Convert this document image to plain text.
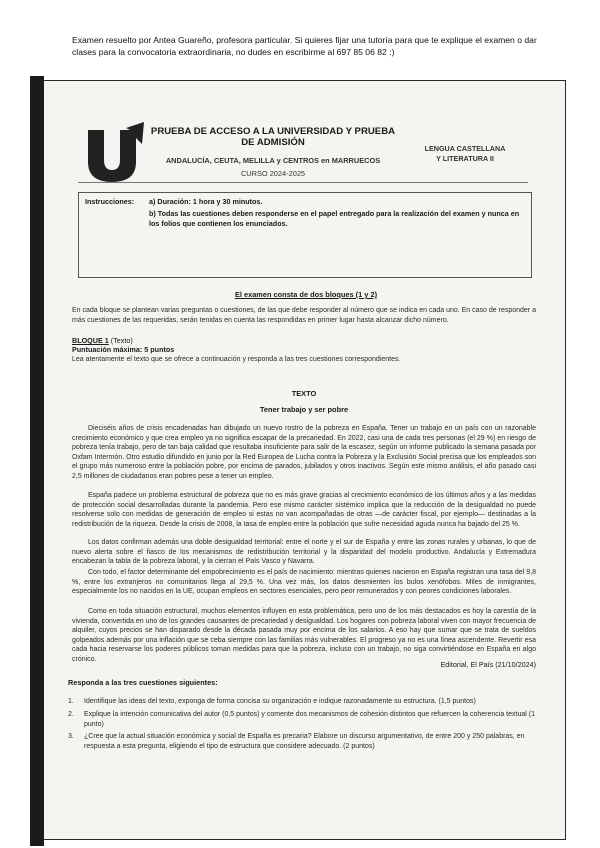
Examen resuelto por Antea Guareño, profesora particular. Si quieres fijar una tutoría para que te explique el examen o dar clases para la convocatoria extraordinaria, no dudes en escribirme al 697 85 06 82 :)
PRUEBA DE ACCESO A LA UNIVERSIDAD Y PRUEBA DE ADMISIÓN
ANDALUCÍA, CEUTA, MELILLA y CENTROS en MARRUECOS
CURSO 2024-2025
LENGUA CASTELLANA
Y LITERATURA II
Instrucciones: a) Duración: 1 hora y 30 minutos.
b) Todas las cuestiones deben responderse en el papel entregado para la realización del examen y nunca en los folios que contienen los enunciados.
El examen consta de dos bloques (1 y 2)
En cada bloque se plantean varias preguntas o cuestiones, de las que debe responder al número que se indica en cada uno. En caso de responder a más cuestiones de las requeridas, serán tenidas en cuenta las respondidas en primer lugar hasta alcanzar dicho número.
BLOQUE 1 (Texto)
Puntuación máxima: 5 puntos
Lea atentamente el texto que se ofrece a continuación y responda a las tres cuestiones correspondientes.
TEXTO
Tener trabajo y ser pobre
Dieciséis años de crisis encadenadas han dibujado un nuevo rostro de la pobreza en España. Tener un trabajo en un país con un razonable crecimiento económico y que crea empleo ya no significa escapar de la precariedad. En 2022, casi una de cada tres personas (el 29 %) en riesgo de pobreza tenía trabajo, pero de tan baja calidad que resultaba insuficiente para salir de la escasez, según un informe publicado la semana pasada por Oxfam Intermón. Otro estudio difundido en junio por la Red Europea de Lucha contra la Pobreza y la Exclusión Social precisa que los empleados son el grupo más numeroso entre la población pobre, por encima de parados, jubilados y otros inactivos. Según este mismo análisis, el año pasado casi 2,5 millones de ciudadanos eran pobres pese a tener un empleo.
España padece un problema estructural de pobreza que no es más grave gracias al crecimiento económico de los últimos años y a las medidas de protección social desarrolladas durante la pandemia. Pero ese mismo carácter sistémico implica que la reducción de la desigualdad no puede resolverse solo con medidas de generación de empleo si estas no van acompañadas de otras —de carácter fiscal, por ejemplo— destinadas a la redistribución de la riqueza. Desde la crisis de 2008, la tasa de empleo entre la población que sufre necesidad aguda nunca ha bajado del 25 %.
Los datos confirman además una doble desigualdad territorial: entre el norte y el sur de España y entre las zonas rurales y urbanas, lo que de nuevo alerta sobre el fiasco de los mecanismos de redistribución territorial y la disparidad del modelo productivo. Andalucía y Extremadura encabezan la tabla de la pobreza laboral, y la cierran el País Vasco y Navarra.
Con todo, el factor determinante del empobrecimiento es el país de nacimiento: mientras quienes nacieron en España registran una tasa del 9,8 %, entre los extranjeros no comunitarios llega al 29,5 %. Una vez más, los datos desmienten los bulos xenófobos. Miles de inmigrantes, especialmente los no nacidos en la UE, ocupan empleos en sectores esenciales, pero peor remunerados y con peores condiciones laborales.
Como en toda situación estructural, muchos elementos influyen en esta problemática, pero uno de los más destacados es hoy la carestía de la vivienda, convertida en uno de los grandes causantes de precariedad y desigualdad. Los hogares con pobreza laboral viven con mayor frecuencia de alquiler, cuyos precios se han disparado desde la década pasada muy por encima de los salarios. A eso hay que sumar que se trata de sueldos golpeados además por una inflación que se ceba siempre con las familias más vulnerables. El progreso ya no es una línea ascendente. Revertir esa cada hacia reservarse los poderes públicos toman medidas para que la pobreza, incluso con un trabajo, no siga convirtiéndose en España en algo crónico.
Editorial, El País (21/10/2024)
Responda a las tres cuestiones siguientes:
1. Identifique las ideas del texto, exponga de forma concisa su organización e indique razonadamente su estructura. (1,5 puntos)
2. Explique la intención comunicativa del autor (0,5 puntos) y comente dos mecanismos de cohesión distintos que refuercen la coherencia textual (1 punto)
3. ¿Cree que la actual situación económica y social de España es precaria? Elabore un discurso argumentativo, de entre 200 y 250 palabras, en respuesta a esta pregunta, eligiendo el tipo de estructura que considere adecuado. (2 puntos)
